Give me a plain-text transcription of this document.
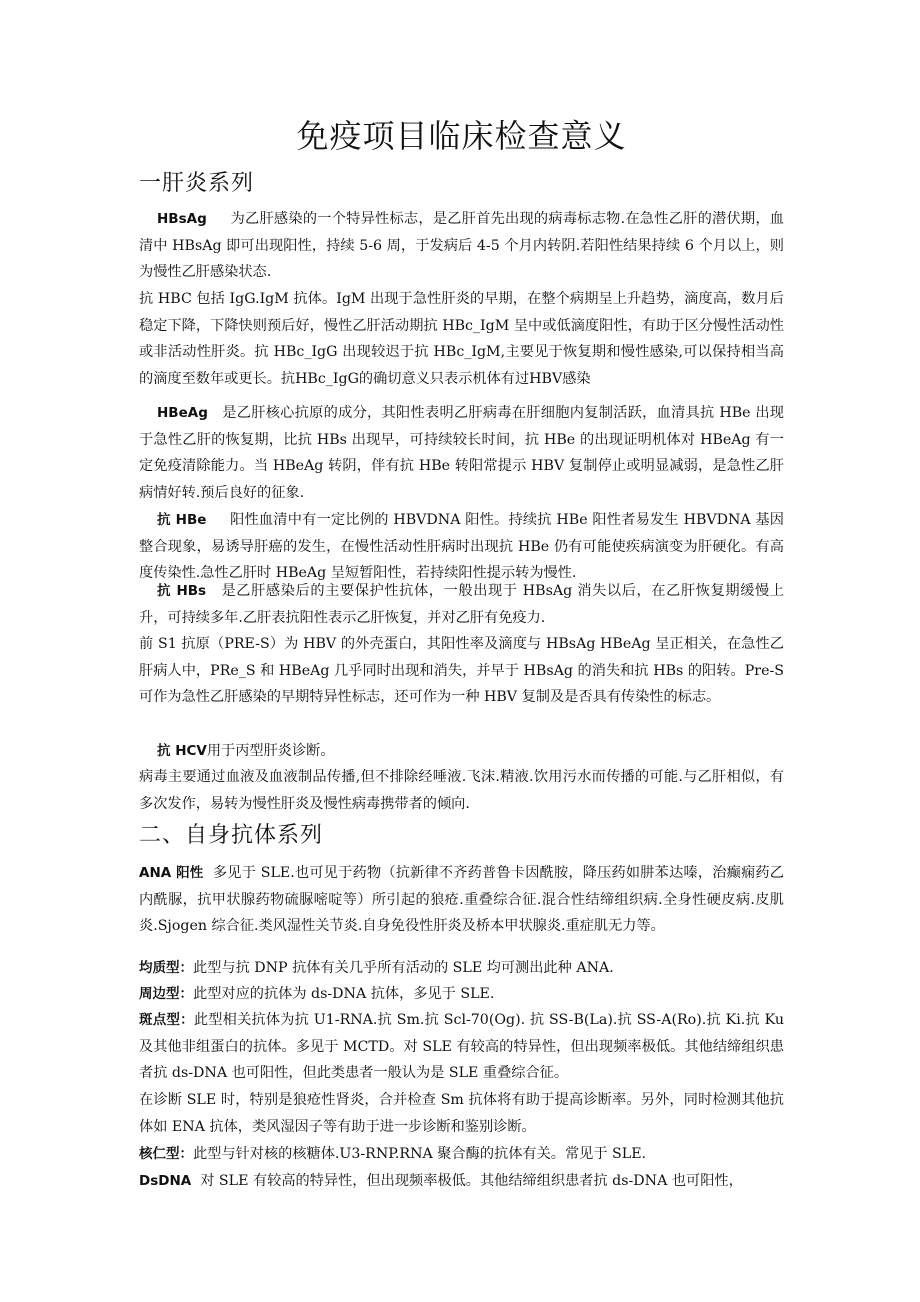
免疫项目临床检查意义
一肝炎系列
HBsAg 为乙肝感染的一个特异性标志，是乙肝首先出现的病毒标志物.在急性乙肝的潜伏期，血清中 HBsAg 即可出现阳性，持续 5-6 周，于发病后 4-5 个月内转阴.若阳性结果持续 6 个月以上，则为慢性乙肝感染状态.
抗 HBC 包括 IgG.IgM 抗体。IgM 出现于急性肝炎的早期，在整个病期呈上升趋势，滴度高，数月后稳定下降，下降快则预后好，慢性乙肝活动期抗 HBc_IgM 呈中或低滴度阳性，有助于区分慢性活动性或非活动性肝炎。抗 HBc_IgG 出现较迟于抗 HBc_IgM,主要见于恢复期和慢性感染,可以保持相当高的滴度至数年或更长。抗HBc_IgG的确切意义只表示机体有过HBV感染
HBeAg 是乙肝核心抗原的成分，其阳性表明乙肝病毒在肝细胞内复制活跃，血清具抗 HBe 出现于急性乙肝的恢复期，比抗 HBs 出现早，可持续较长时间，抗 HBe 的出现证明机体对 HBeAg 有一定免疫清除能力。当 HBeAg 转阴，伴有抗 HBe 转阳常提示 HBV 复制停止或明显减弱，是急性乙肝病情好转.预后良好的征象.
抗 HBe 阳性血清中有一定比例的 HBVDNA 阳性。持续抗 HBe 阳性者易发生 HBVDNA 基因整合现象，易诱导肝癌的发生，在慢性活动性肝病时出现抗 HBe 仍有可能使疾病演变为肝硬化。有高度传染性.急性乙肝时 HBeAg 呈短暂阳性，若持续阳性提示转为慢性.
抗 HBs 是乙肝感染后的主要保护性抗体，一般出现于 HBsAg 消失以后，在乙肝恢复期缓慢上升，可持续多年.乙肝表抗阳性表示乙肝恢复，并对乙肝有免疫力.
前 S1 抗原（PRE-S）为 HBV 的外壳蛋白，其阳性率及滴度与 HBsAg HBeAg 呈正相关，在急性乙肝病人中，PRe_S 和 HBeAg 几乎同时出现和消失，并早于 HBsAg 的消失和抗 HBs 的阳转。Pre-S 可作为急性乙肝感染的早期特异性标志，还可作为一种 HBV 复制及是否具有传染性的标志。
抗 HCV用于丙型肝炎诊断。
病毒主要通过血液及血液制品传播,但不排除经唾液.飞沫.精液.饮用污水而传播的可能.与乙肝相似，有多次发作，易转为慢性肝炎及慢性病毒携带者的倾向.
二、自身抗体系列
ANA 阳性 多见于 SLE.也可见于药物（抗新律不齐药普鲁卡因酰胺，降压药如肼苯达嗪，治癫痫药乙内酰脲，抗甲状腺药物硫脲嘧啶等）所引起的狼疮.重叠综合征.混合性结缔组织病.全身性硬皮病.皮肌炎.Sjogen 综合征.类风湿性关节炎.自身免役性肝炎及桥本甲状腺炎.重症肌无力等。
均质型：此型与抗 DNP 抗体有关几乎所有活动的 SLE 均可测出此种 ANA.
周边型：此型对应的抗体为 ds-DNA 抗体，多见于 SLE.
斑点型：此型相关抗体为抗 U1-RNA.抗 Sm.抗 Scl-70(Og). 抗 SS-B(La).抗 SS-A(Ro).抗 Ki.抗 Ku 及其他非组蛋白的抗体。多见于 MCTD。对 SLE 有较高的特异性，但出现频率极低。其他结缔组织患者抗 ds-DNA 也可阳性，但此类患者一般认为是 SLE 重叠综合征。
在诊断 SLE 时，特别是狼疮性肾炎，合并检查 Sm 抗体将有助于提高诊断率。另外，同时检测其他抗体如 ENA 抗体，类风湿因子等有助于进一步诊断和鉴别诊断。
核仁型：此型与针对核的核糖体.U3-RNP.RNA 聚合酶的抗体有关。常见于 SLE.
DsDNA 对 SLE 有较高的特异性，但出现频率极低。其他结缔组织患者抗 ds-DNA 也可阳性，
